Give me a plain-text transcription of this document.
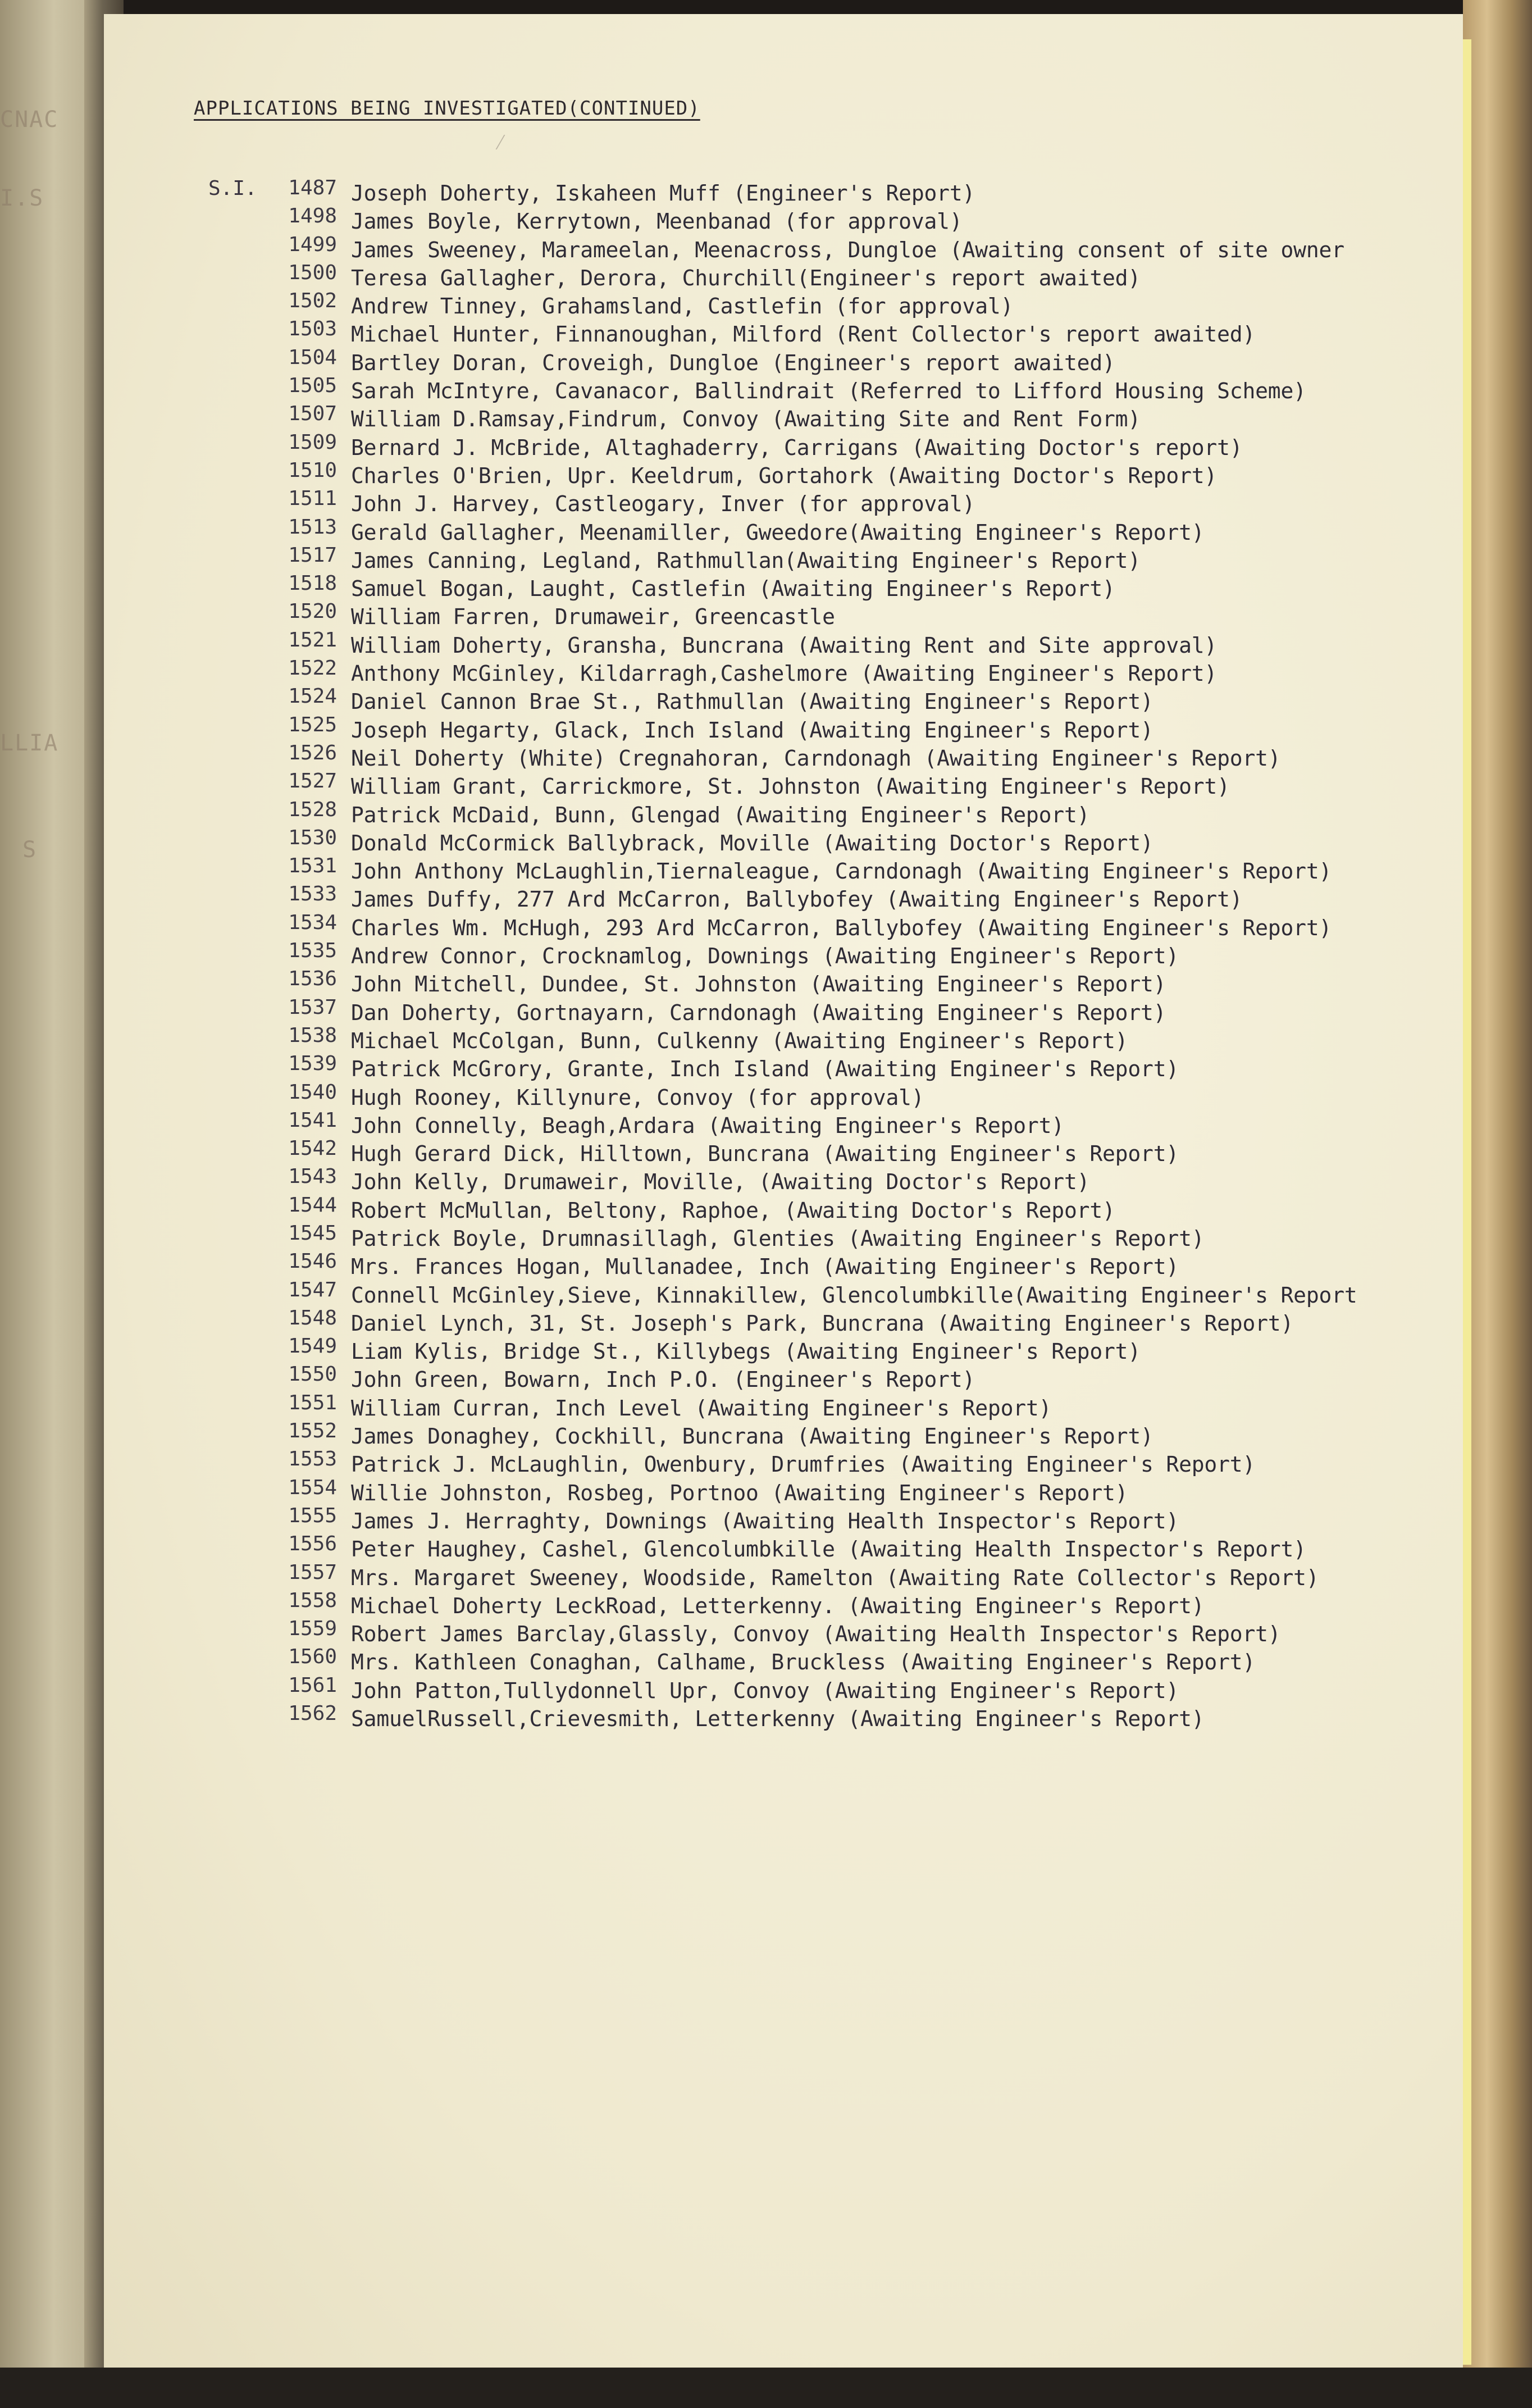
CNAC
I.S
LLIA
S
APPLICATIONS BEING INVESTIGATED(CONTINUED)
S.I.	1487 Joseph Doherty, Iskaheen Muff (Engineer's Report)
1498 James Boyle, Kerrytown, Meenbanad (for approval)
1499 James Sweeney, Marameelan, Meenacross, Dungloe (Awaiting consent of site owner
1500 Teresa Gallagher, Derora, Churchill(Engineer's report awaited)
1502 Andrew Tinney, Grahamsland, Castlefin (for approval)
1503 Michael Hunter, Finnanoughan, Milford (Rent Collector's report awaited)
1504 Bartley Doran, Croveigh, Dungloe (Engineer's report awaited)
1505 Sarah McIntyre, Cavanacor, Ballindrait (Referred to Lifford Housing Scheme)
1507 William D.Ramsay,Findrum, Convoy (Awaiting Site and Rent Form)
1509 Bernard J. McBride, Altaghaderry, Carrigans (Awaiting Doctor's report)
1510 Charles O'Brien, Upr. Keeldrum, Gortahork (Awaiting Doctor's Report)
1511 John J. Harvey, Castleogary, Inver (for approval)
1513 Gerald Gallagher, Meenamiller, Gweedore(Awaiting Engineer's Report)
1517 James Canning, Legland, Rathmullan(Awaiting Engineer's Report)
1518 Samuel Bogan, Laught, Castlefin (Awaiting Engineer's Report)
1520 William Farren, Drumaweir, Greencastle
1521 William Doherty, Gransha, Buncrana (Awaiting Rent and Site approval)
1522 Anthony McGinley, Kildarragh,Cashelmore (Awaiting Engineer's Report)
1524 Daniel Cannon Brae St., Rathmullan (Awaiting Engineer's Report)
1525 Joseph Hegarty, Glack, Inch Island (Awaiting Engineer's Report)
1526 Neil Doherty (White) Cregnahoran, Carndonagh (Awaiting Engineer's Report)
1527 William Grant, Carrickmore, St. Johnston (Awaiting Engineer's Report)
1528 Patrick McDaid, Bunn, Glengad (Awaiting Engineer's Report)
1530 Donald McCormick Ballybrack, Moville (Awaiting Doctor's Report)
1531 John Anthony McLaughlin,Tiernaleague, Carndonagh (Awaiting Engineer's Report)
1533 James Duffy, 277 Ard McCarron, Ballybofey (Awaiting Engineer's Report)
1534 Charles Wm. McHugh, 293 Ard McCarron, Ballybofey (Awaiting Engineer's Report)
1535 Andrew Connor, Crocknamlog, Downings (Awaiting Engineer's Report)
1536 John Mitchell, Dundee, St. Johnston (Awaiting Engineer's Report)
1537 Dan Doherty, Gortnayarn, Carndonagh (Awaiting Engineer's Report)
1538 Michael McColgan, Bunn, Culkenny (Awaiting Engineer's Report)
1539 Patrick McGrory, Grante, Inch Island (Awaiting Engineer's Report)
1540 Hugh Rooney, Killynure, Convoy (for approval)
1541 John Connelly, Beagh,Ardara (Awaiting Engineer's Report)
1542 Hugh Gerard Dick, Hilltown, Buncrana (Awaiting Engineer's Report)
1543 John Kelly, Drumaweir, Moville, (Awaiting Doctor's Report)
1544 Robert McMullan, Beltony, Raphoe, (Awaiting Doctor's Report)
1545 Patrick Boyle, Drumnasillagh, Glenties (Awaiting Engineer's Report)
1546 Mrs. Frances Hogan, Mullanadee, Inch (Awaiting Engineer's Report)
1547 Connell McGinley,Sieve, Kinnakillew, Glencolumbkille(Awaiting Engineer's Report
1548 Daniel Lynch, 31, St. Joseph's Park, Buncrana (Awaiting Engineer's Report)
1549 Liam Kylis, Bridge St., Killybegs (Awaiting Engineer's Report)
1550 John Green, Bowarn, Inch P.O. (Engineer's Report)
1551 William Curran, Inch Level (Awaiting Engineer's Report)
1552 James Donaghey, Cockhill, Buncrana (Awaiting Engineer's Report)
1553 Patrick J. McLaughlin, Owenbury, Drumfries (Awaiting Engineer's Report)
1554 Willie Johnston, Rosbeg, Portnoo (Awaiting Engineer's Report)
1555 James J. Herraghty, Downings (Awaiting Health Inspector's Report)
1556 Peter Haughey, Cashel, Glencolumbkille (Awaiting Health Inspector's Report)
1557 Mrs. Margaret Sweeney, Woodside, Ramelton (Awaiting Rate Collector's Report)
1558 Michael Doherty LeckRoad, Letterkenny. (Awaiting Engineer's Report)
1559 Robert James Barclay,Glassly, Convoy (Awaiting Health Inspector's Report)
1560 Mrs. Kathleen Conaghan, Calhame, Bruckless (Awaiting Engineer's Report)
1561 John Patton,Tullydonnell Upr, Convoy (Awaiting Engineer's Report)
1562 SamuelRussell,Crievesmith, Letterkenny (Awaiting Engineer's Report)
